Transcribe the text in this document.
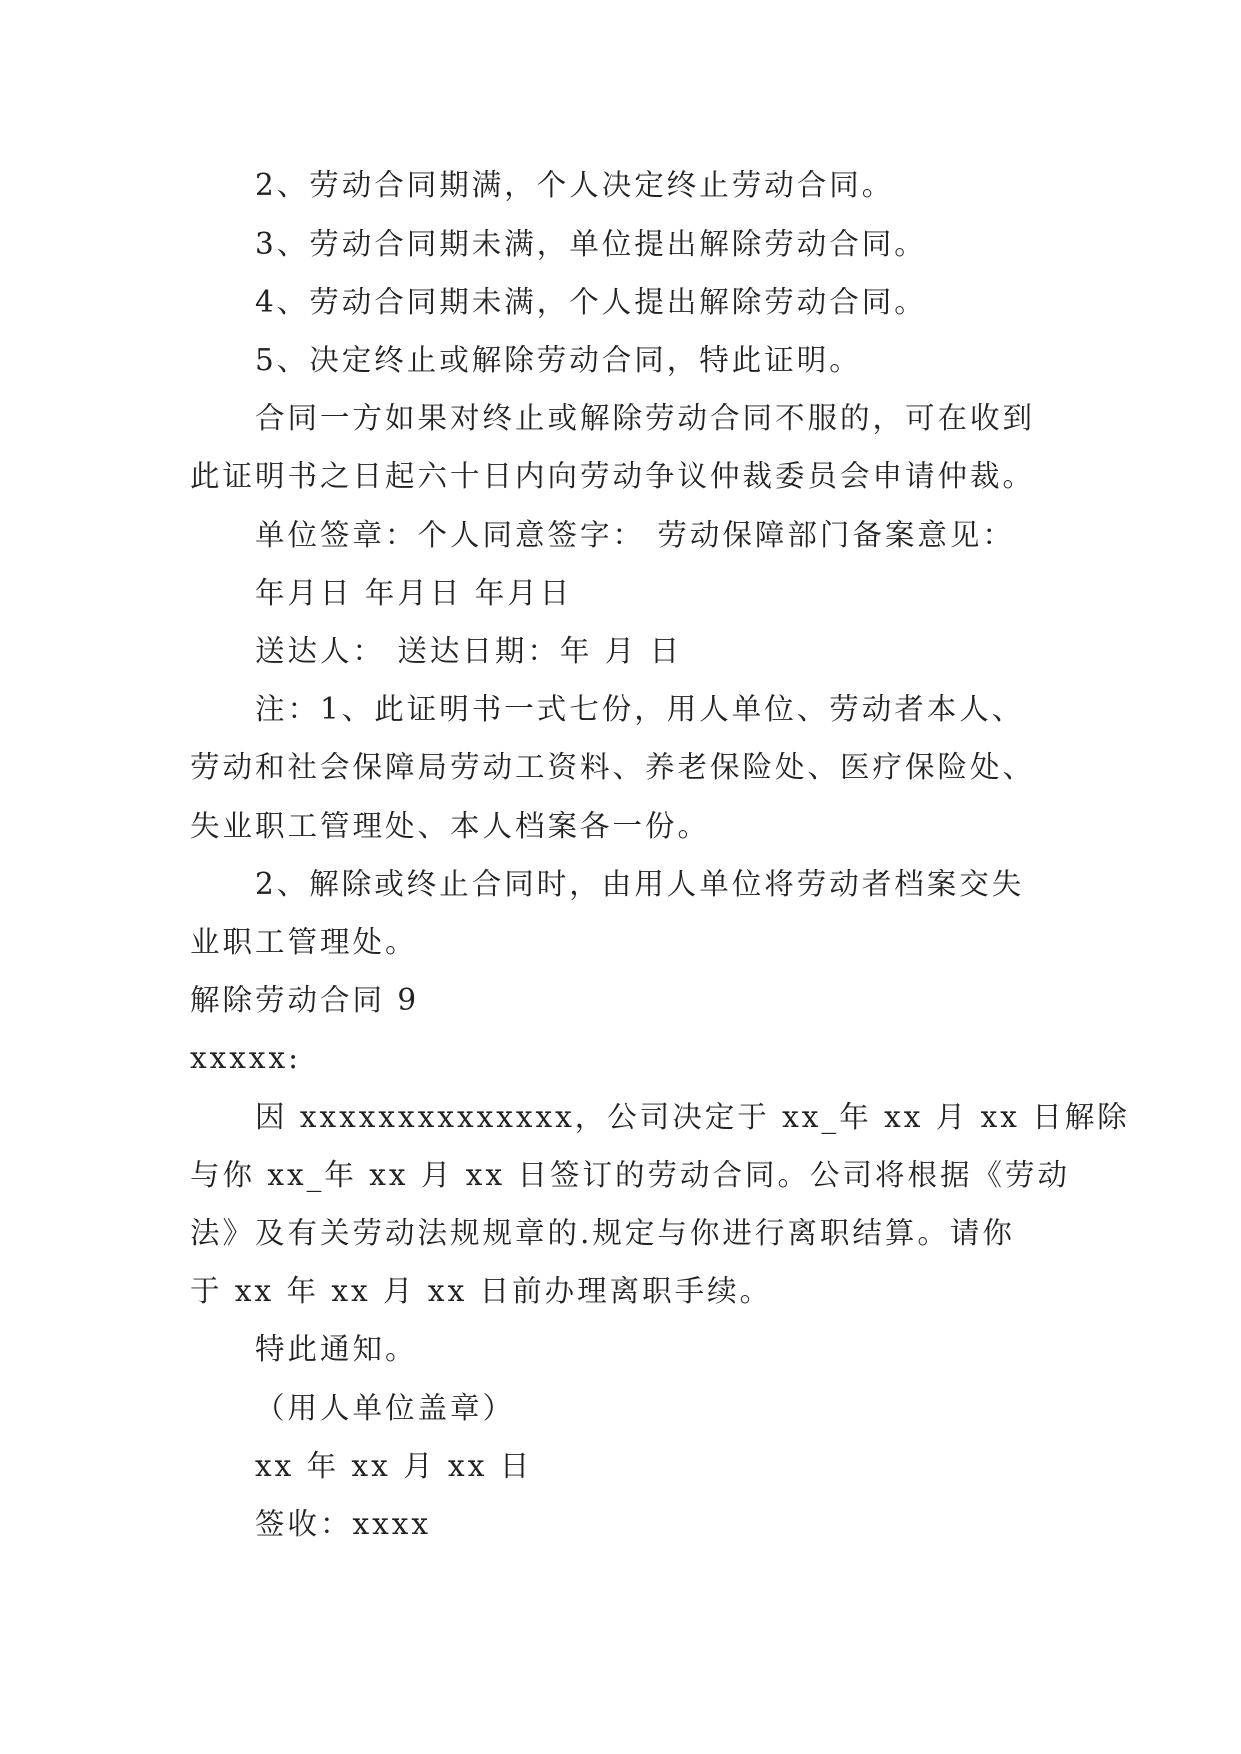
2、劳动合同期满，个人决定终止劳动合同。
3、劳动合同期未满，单位提出解除劳动合同。
4、劳动合同期未满，个人提出解除劳动合同。
5、决定终止或解除劳动合同，特此证明。
合同一方如果对终止或解除劳动合同不服的，可在收到
此证明书之日起六十日内向劳动争议仲裁委员会申请仲裁。
单位签章：个人同意签字： 劳动保障部门备案意见：
年月日 年月日 年月日
送达人： 送达日期：年 月 日
注：1、此证明书一式七份，用人单位、劳动者本人、
劳动和社会保障局劳动工资料、养老保险处、医疗保险处、
失业职工管理处、本人档案各一份。
2、解除或终止合同时，由用人单位将劳动者档案交失
业职工管理处。
解除劳动合同 9
xxxxx:
因 xxxxxxxxxxxxxx，公司决定于 xx_年 xx 月 xx 日解除
与你 xx_年 xx 月 xx 日签订的劳动合同。公司将根据《劳动
法》及有关劳动法规规章的.规定与你进行离职结算。请你
于 xx 年 xx 月 xx 日前办理离职手续。
特此通知。
（用人单位盖章）
xx 年 xx 月 xx 日
签收：xxxx
